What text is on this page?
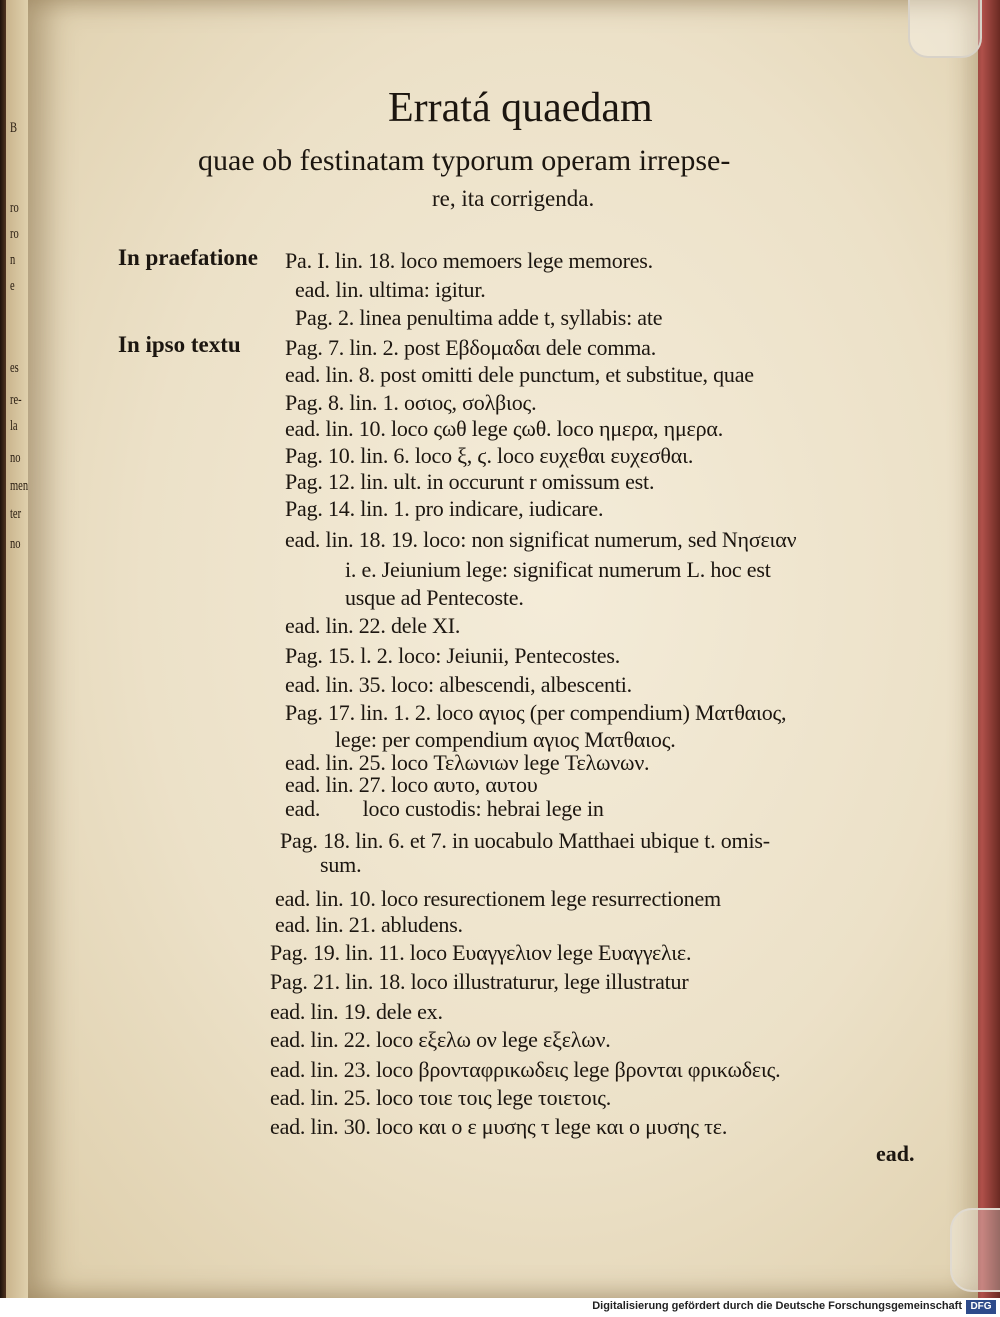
B
ro
ro
n
e
es
re-
la
no
men
ter
no
Erratá quaedam
quae ob festinatam typorum operam irrepse-
re, ita corrigenda.
In praefatione
In ipso textu
Pa. I. lin. 18. loco memoers lege memores.
ead. lin. ultima: igitur.
Pag. 2. linea penultima adde t, syllabis: ate
Pag. 7. lin. 2. post Εβδομαδαι dele comma.
ead. lin. 8. post omitti dele punctum, et substitue, quae
Pag. 8. lin. 1. οσιος, σολβιος.
ead. lin. 10. loco ςωθ lege ςωθ. loco ημερα, ημερα.
Pag. 10. lin. 6. loco ξ, ϛ. loco ευχεθαι ευχεσθαι.
Pag. 12. lin. ult. in occurunt r omissum est.
Pag. 14. lin. 1. pro indicare, iudicare.
ead. lin. 18. 19. loco: non significat numerum, sed Νησειαν
i. e. Jeiunium lege: significat numerum L. hoc est
usque ad Pentecoste.
ead. lin. 22. dele XI.
Pag. 15. l. 2. loco: Jeiunii, Pentecostes.
ead. lin. 35. loco: albescendi, albescenti.
Pag. 17. lin. 1. 2. loco αγιος (per compendium) Ματθαιος,
lege: per compendium αγιος Ματθαιος.
ead. lin. 25. loco Τελωνιων lege Τελωνων.
ead. lin. 27. loco αυτο, αυτου
ead.        loco custodis: hebrai lege in
Pag. 18. lin. 6. et 7. in uocabulo Matthaei ubique t. omis-
sum.
ead. lin. 10. loco resurectionem lege resurrectionem
ead. lin. 21. abludens.
Pag. 19. lin. 11. loco Ευαγγελιον lege Ευαγγελιε.
Pag. 21. lin. 18. loco illustraturur, lege illustratur
ead. lin. 19. dele ex.
ead. lin. 22. loco εξελω ον lege εξελων.
ead. lin. 23. loco βρονταφρικωδεις lege βρονται φρικωδεις.
ead. lin. 25. loco τοιε τοις lege τοιετοις.
ead. lin. 30. loco και ο ε μυσης τ lege και ο μυσης τε.
ead.
Digitalisierung gefördert durch die Deutsche Forschungsgemeinschaft DFG
